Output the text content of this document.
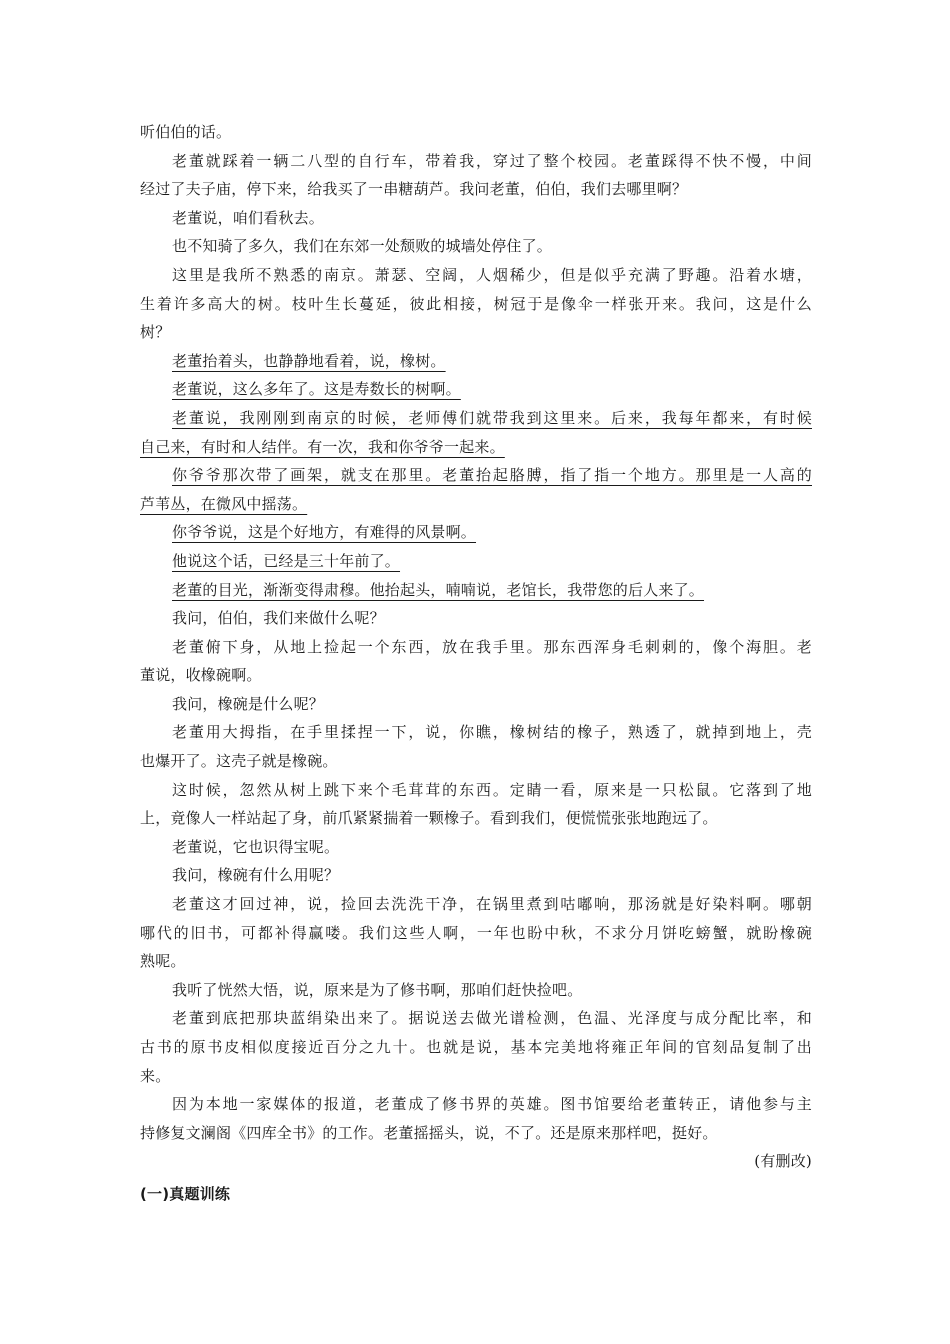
听伯伯的话。
老董就踩着一辆二八型的自行车，带着我，穿过了整个校园。老董踩得不快不慢，中间
经过了夫子庙，停下来，给我买了一串糖葫芦。我问老董，伯伯，我们去哪里啊？
老董说，咱们看秋去。
也不知骑了多久，我们在东郊一处颓败的城墙处停住了。
这里是我所不熟悉的南京。萧瑟、空阔，人烟稀少，但是似乎充满了野趣。沿着水塘，
生着许多高大的树。枝叶生长蔓延，彼此相接，树冠于是像伞一样张开来。我问，这是什么
树？
老董抬着头，也静静地看着，说，橡树。
老董说，这么多年了。这是寿数长的树啊。
老董说，我刚刚到南京的时候，老师傅们就带我到这里来。后来，我每年都来，有时候
自己来，有时和人结伴。有一次，我和你爷爷一起来。
你爷爷那次带了画架，就支在那里。老董抬起胳膊，指了指一个地方。那里是一人高的
芦苇丛，在微风中摇荡。
你爷爷说，这是个好地方，有难得的风景啊。
他说这个话，已经是三十年前了。
老董的目光，渐渐变得肃穆。他抬起头，喃喃说，老馆长，我带您的后人来了。
我问，伯伯，我们来做什么呢？
老董俯下身，从地上捡起一个东西，放在我手里。那东西浑身毛刺刺的，像个海胆。老
董说，收橡碗啊。
我问，橡碗是什么呢？
老董用大拇指，在手里揉捏一下，说，你瞧，橡树结的橡子，熟透了，就掉到地上，壳
也爆开了。这壳子就是橡碗。
这时候，忽然从树上跳下来个毛茸茸的东西。定睛一看，原来是一只松鼠。它落到了地
上，竟像人一样站起了身，前爪紧紧揣着一颗橡子。看到我们，便慌慌张张地跑远了。
老董说，它也识得宝呢。
我问，橡碗有什么用呢？
老董这才回过神，说，捡回去洗洗干净，在锅里煮到咕嘟响，那汤就是好染料啊。哪朝
哪代的旧书，可都补得赢喽。我们这些人啊，一年也盼中秋，不求分月饼吃螃蟹，就盼橡碗
熟呢。
我听了恍然大悟，说，原来是为了修书啊，那咱们赶快捡吧。
老董到底把那块蓝绢染出来了。据说送去做光谱检测，色温、光泽度与成分配比率，和
古书的原书皮相似度接近百分之九十。也就是说，基本完美地将雍正年间的官刻品复制了出
来。
因为本地一家媒体的报道，老董成了修书界的英雄。图书馆要给老董转正，请他参与主
持修复文澜阁《四库全书》的工作。老董摇摇头，说，不了。还是原来那样吧，挺好。
(有删改)
(一)真题训练
